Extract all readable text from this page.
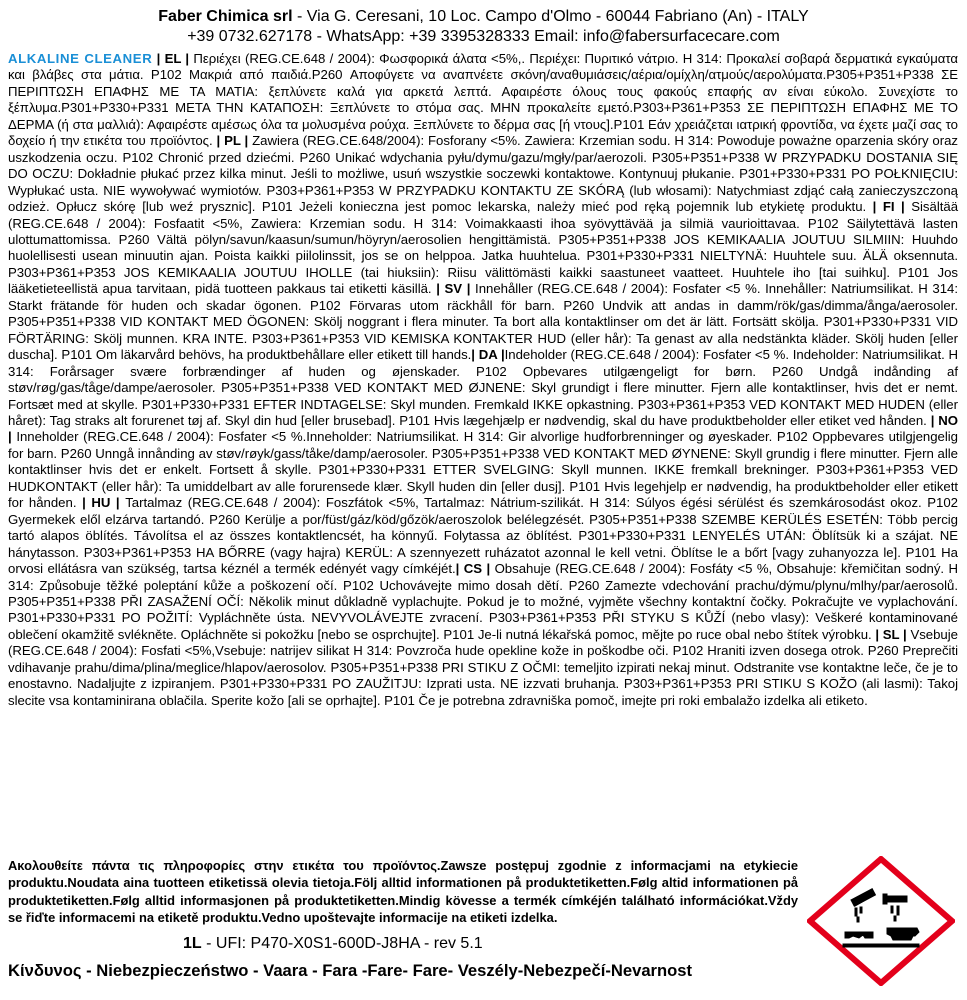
Faber Chimica srl - Via G. Ceresani, 10 Loc. Campo d'Olmo - 60044 Fabriano (An) - ITALY
+39 0732.627178 - WhatsApp: +39 3395328333 Email: info@fabersurfacecare.com
ALKALINE CLEANER | EL | Περιέχει (REG.CE.648 / 2004): Φωσφορικά άλατα <5%,. Περιέχει: Πυριτικό νάτριο. H 314: Προκαλεί σοβαρά δερματικά εγκαύματα και βλάβες στα μάτια. P102 Μακριά από παιδιά.P260 Αποφύγετε να αναπνέετε σκόνη/αναθυμιάσεις/αέρια/ομίχλη/ατμούς/αερολύματα.P305+P351+P338 ΣΕ ΠΕΡΙΠΤΩΣΗ ΕΠΑΦΗΣ ΜΕ ΤΑ ΜΑΤΙΑ: ξεπλύνετε καλά για αρκετά λεπτά. Αφαιρέστε όλους τους φακούς επαφής αν είναι εύκολο. Συνεχίστε το ξέπλυμα.P301+P330+P331 ΜΕΤΑ ΤΗΝ ΚΑΤΑΠΟΣΗ: Ξεπλύνετε το στόμα σας. ΜΗΝ προκαλείτε εμετό.P303+P361+P353 ΣΕ ΠΕΡΙΠΤΩΣΗ ΕΠΑΦΗΣ ΜΕ ΤΟ ΔΕΡΜΑ (ή στα μαλλιά): Αφαιρέστε αμέσως όλα τα μολυσμένα ρούχα. Ξεπλύνετε το δέρμα σας [ή ντους].P101 Εάν χρειάζεται ιατρική φροντίδα, να έχετε μαζί σας το δοχείο ή την ετικέτα του προϊόντος. | PL | Zawiera (REG.CE.648/2004): Fosforany <5%. Zawiera: Krzemian sodu. H 314: Powoduje poważne oparzenia skóry oraz uszkodzenia oczu. P102 Chronić przed dziećmi. P260 Unikać wdychania pyłu/dymu/gazu/mgły/par/aerozoli. P305+P351+P338 W PRZYPADKU DOSTANIA SIĘ DO OCZU: Dokładnie płukać przez kilka minut. Jeśli to możliwe, usuń wszystkie soczewki kontaktowe. Kontynuuj płukanie. P301+P330+P331 PO POŁKNIĘCIU: Wypłukać usta. NIE wywoływać wymiotów. P303+P361+P353 W PRZYPADKU KONTAKTU ZE SKÓRĄ (lub włosami): Natychmiast zdjąć całą zanieczyszczoną odzież. Opłucz skórę [lub weź prysznic]. P101 Jeżeli konieczna jest pomoc lekarska, należy mieć pod ręką pojemnik lub etykietę produktu. | FI | Sisältää (REG.CE.648 / 2004): Fosfaatit <5%, Zawiera: Krzemian sodu. H 314: Voimakkaasti ihoa syövyttävää ja silmiä vaurioittavaa. P102 Säilytettävä lasten ulottumattomissa. P260 Vältä pölyn/savun/kaasun/sumun/höyryn/aerosolien hengittämistä. P305+P351+P338 JOS KEMIKAALIA JOUTUU SILMIIN: Huuhdo huolellisesti usean minuutin ajan. Poista kaikki piilolinssit, jos se on helppoa. Jatka huuhtelua. P301+P330+P331 NIELTYNÄ: Huuhtele suu. ÄLÄ oksennuta. P303+P361+P353 JOS KEMIKAALIA JOUTUU IHOLLE (tai hiuksiin): Riisu välittömästi kaikki saastuneet vaatteet. Huuhtele iho [tai suihku]. P101 Jos lääketieteellistä apua tarvitaan, pidä tuotteen pakkaus tai etiketti käsillä. | SV | Innehåller (REG.CE.648 / 2004): Fosfater <5 %. Innehåller: Natriumsilikat. H 314: Starkt frätande för huden och skadar ögonen. P102 Förvaras utom räckhåll för barn. P260 Undvik att andas in damm/rök/gas/dimma/ånga/aerosoler. P305+P351+P338 VID KONTAKT MED ÖGONEN: Skölj noggrant i flera minuter. Ta bort alla kontaktlinser om det är lätt. Fortsätt skölja. P301+P330+P331 VID FÖRTÄRING: Skölj munnen. KRA INTE. P303+P361+P353 VID KEMISKA KONTAKTER HUD (eller hår): Ta genast av alla nedstänkta kläder. Skölj huden [eller duscha]. P101 Om läkarvård behövs, ha produktbehållare eller etikett till hands.| DA |Indeholder (REG.CE.648 / 2004): Fosfater <5 %. Indeholder: Natriumsilikat. H 314: Forårsager svære forbrændinger af huden og øjenskader. P102 Opbevares utilgængeligt for børn. P260 Undgå indånding af støv/røg/gas/tåge/dampe/aerosoler. P305+P351+P338 VED KONTAKT MED ØJNENE: Skyl grundigt i flere minutter. Fjern alle kontaktlinser, hvis det er nemt. Fortsæt med at skylle. P301+P330+P331 EFTER INDTAGELSE: Skyl munden. Fremkald IKKE opkastning. P303+P361+P353 VED KONTAKT MED HUDEN (eller håret): Tag straks alt forurenet tøj af. Skyl din hud [eller brusebad]. P101 Hvis lægehjælp er nødvendig, skal du have produktbeholder eller etiket ved hånden. | NO | Inneholder (REG.CE.648 / 2004): Fosfater <5 %.Inneholder: Natriumsilikat. H 314: Gir alvorlige hudforbrenninger og øyeskader. P102 Oppbevares utilgjengelig for barn. P260 Unngå innånding av støv/røyk/gass/tåke/damp/aerosoler. P305+P351+P338 VED KONTAKT MED ØYNENE: Skyll grundig i flere minutter. Fjern alle kontaktlinser hvis det er enkelt. Fortsett å skylle. P301+P330+P331 ETTER SVELGING: Skyll munnen. IKKE fremkall brekninger. P303+P361+P353 VED HUDKONTAKT (eller hår): Ta umiddelbart av alle forurensede klær. Skyll huden din [eller dusj]. P101 Hvis legehjelp er nødvendig, ha produktbeholder eller etikett for hånden. | HU | Tartalmaz (REG.CE.648 / 2004): Foszfátok <5%, Tartalmaz: Nátrium-szilikát. H 314: Súlyos égési sérülést és szemkárosodást okoz. P102 Gyermekek elől elzárva tartandó. P260 Kerülje a por/füst/gáz/köd/gőzök/aeroszolok belélegzését. P305+P351+P338 SZEMBE KERÜLÉS ESETÉN: Több percig tartó alapos öblítés. Távolítsa el az összes kontaktlencsét, ha könnyű. Folytassa az öblítést. P301+P330+P331 LENYELÉS UTÁN: Öblítsük ki a szájat. NE hánytasson. P303+P361+P353 HA BŐRRE (vagy hajra) KERÜL: A szennyezett ruházatot azonnal le kell vetni. Öblítse le a bőrt [vagy zuhanyozza le]. P101 Ha orvosi ellátásra van szükség, tartsa kéznél a termék edényét vagy címkéjét.| CS | Obsahuje (REG.CE.648 / 2004): Fosfáty <5 %, Obsahuje: křemičitan sodný. H 314: Způsobuje těžké poleptání kůže a poškození očí. P102 Uchovávejte mimo dosah dětí. P260 Zamezte vdechování prachu/dýmu/plynu/mlhy/par/aerosolů. P305+P351+P338 PŘI ZASAŽENÍ OČÍ: Několik minut důkladně vyplachujte. Pokud je to možné, vyjměte všechny kontaktní čočky. Pokračujte ve vyplachování. P301+P330+P331 PO POŽITÍ: Vypláchněte ústa. NEVYVOLÁVEJTE zvracení. P303+P361+P353 PŘI STYKU S KŮŽÍ (nebo vlasy): Veškeré kontaminované oblečení okamžitě svlékněte. Opláchněte si pokožku [nebo se osprchujte]. P101 Je-li nutná lékařská pomoc, mějte po ruce obal nebo štítek výrobku. | SL | Vsebuje (REG.CE.648 / 2004): Fosfati <5%,Vsebuje: natrijev silikat H 314: Povzroča hude opekline kože in poškodbe oči. P102 Hraniti izven dosega otrok. P260 Preprečiti vdihavanje prahu/dima/plina/meglice/hlapov/aerosolov. P305+P351+P338 PRI STIKU Z OČMI: temeljito izpirati nekaj minut. Odstranite vse kontaktne leče, če je to enostavno. Nadaljujte z izpiranjem. P301+P330+P331 PO ZAUŽITJU: Izprati usta. NE izzvati bruhanja. P303+P361+P353 PRI STIKU S KOŽO (ali lasmi): Takoj slecite vsa kontaminirana oblačila. Sperite kožo [ali se oprhajte]. P101 Če je potrebna zdravniška pomoč, imejte pri roki embalažo izdelka ali etiketo.
Ακολουθείτε πάντα τις πληροφορίες στην ετικέτα του προϊόντος.Zawsze postępuj zgodnie z informacjami na etykiecie produktu.Noudata aina tuotteen etiketissä olevia tietoja.Följ alltid informationen på produktetiketten.Følg altid informationen på produktetiketten.Følg alltid informasjonen på produktetiketten.Mindig kövesse a termék címkéjén található információkat.Vždy se řiďte informacemi na etiketě produktu.Vedno upoštevajte informacije na etiketi izdelka.
1L - UFI: P470-X0S1-600D-J8HA - rev 5.1
Κίνδυνος - Niebezpieczeństwo - Vaara - Fara -Fare- Fare- Veszély-Nebezpečí-Nevarnost
